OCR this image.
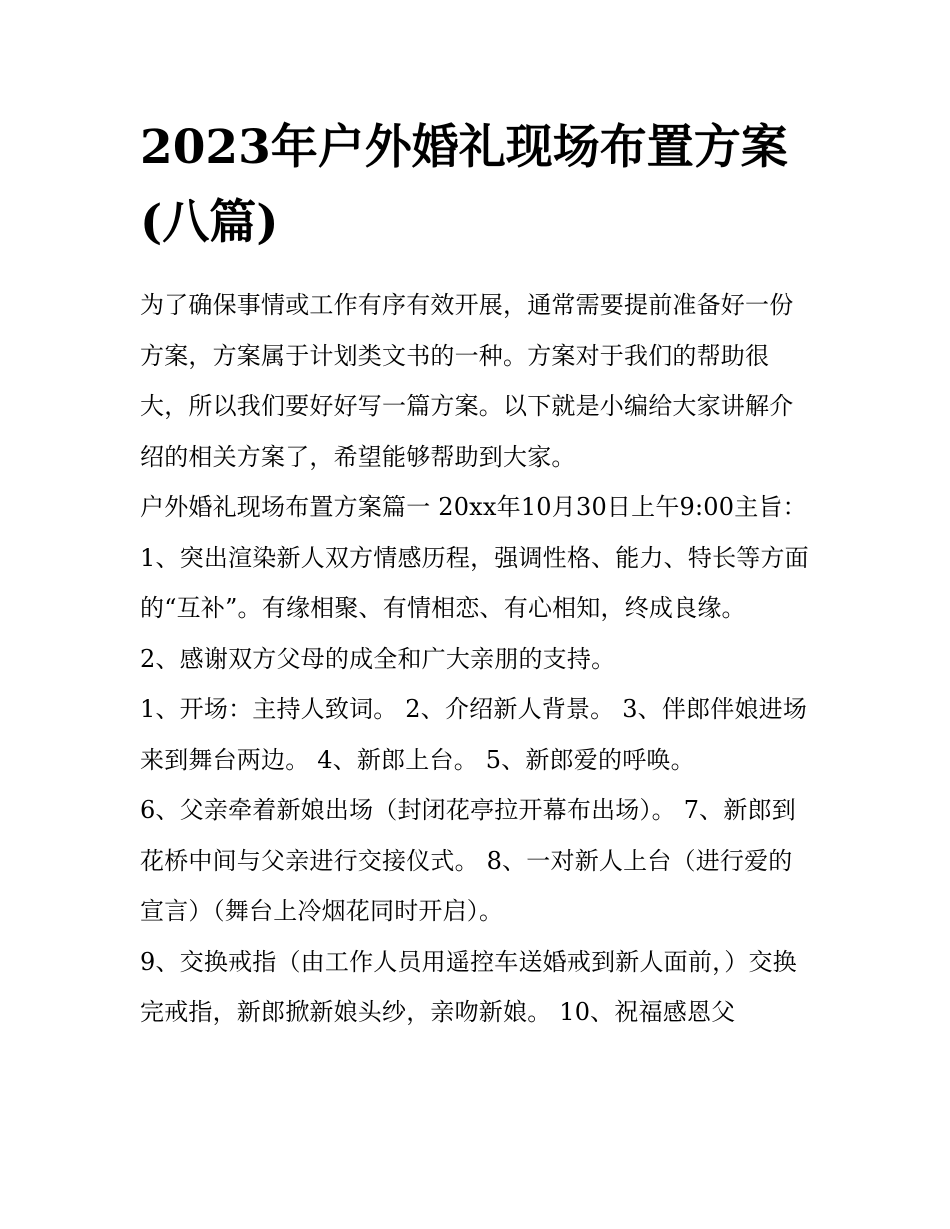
2023年户外婚礼现场布置方案(八篇)

为了确保事情或工作有序有效开展，通常需要提前准备好一份方案，方案属于计划类文书的一种。方案对于我们的帮助很大，所以我们要好好写一篇方案。以下就是小编给大家讲解介绍的相关方案了，希望能够帮助到大家。

户外婚礼现场布置方案篇一 20xx年10月30日上午9:00主旨：

1、突出渲染新人双方情感历程，强调性格、能力、特长等方面的“互补”。有缘相聚、有情相恋、有心相知，终成良缘。

2、感谢双方父母的成全和广大亲朋的支持。

1、开场：主持人致词。 2、介绍新人背景。 3、伴郎伴娘进场来到舞台两边。 4、新郎上台。 5、新郎爱的呼唤。

6、父亲牵着新娘出场（封闭花亭拉开幕布出场）。 7、新郎到花桥中间与父亲进行交接仪式。 8、一对新人上台（进行爱的宣言）（舞台上冷烟花同时开启）。

9、交换戒指（由工作人员用遥控车送婚戒到新人面前，）交换完戒指，新郎掀新娘头纱，亲吻新娘。 10、祝福感恩父
